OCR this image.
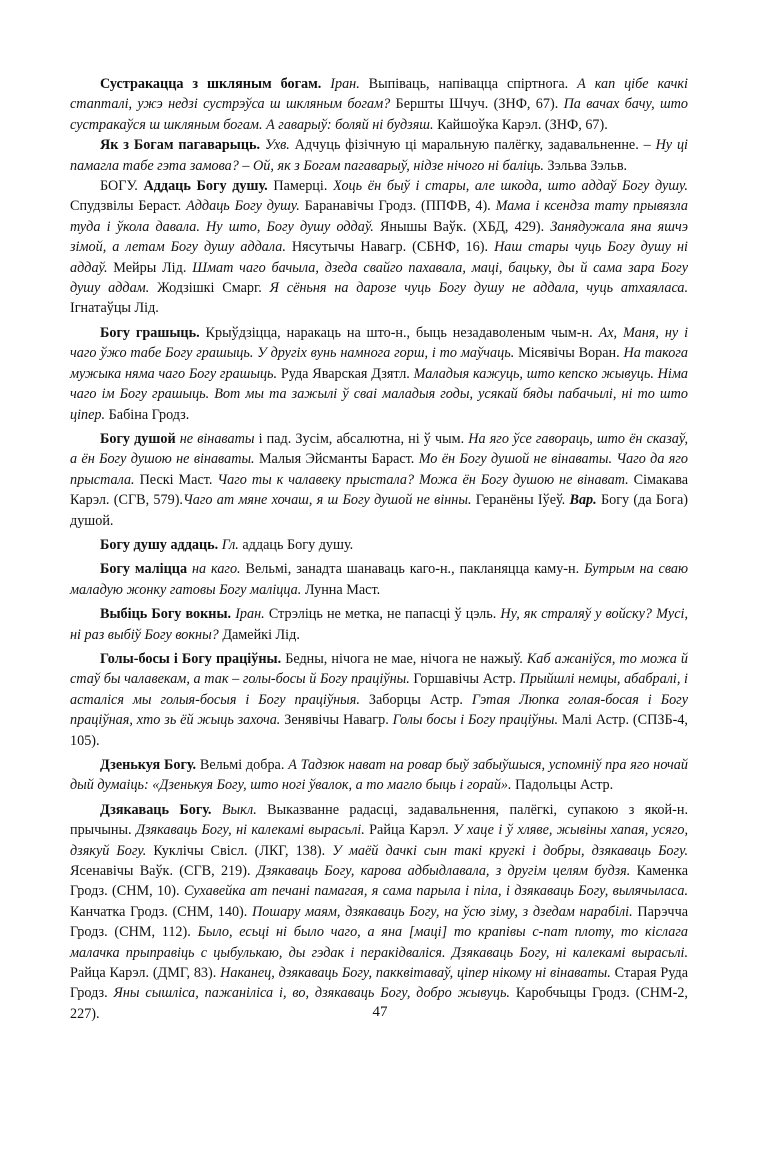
Сустракацца з шкляным богам. Іран. Выпіваць, напівацца спіртнога. А кап цібе качкі стапталі, ужэ недзі сустрэўса ш шкляным богам? Бершты Шчуч. (ЗНФ, 67). Па вачах бачу, што сустракаўся ш шкляным богам. А гаварыў: боляй ні будзяш. Кайшоўка Карэл. (ЗНФ, 67).

Як з Богам пагаварыць. Ухв. Адчуць фізічную ці маральную палёгку, задавальненне. – Ну ці памагла табе гэта замова? – Ой, як з Богам пагаварыў, нідзе нічого ні баліць. Зэльва Зэльв.

БОГУ. Аддаць Богу душу. Памерці. Хоць ён быў і стары, але шкода, што аддаў Богу душу. Спудзвілы Бераст. Аддаць Богу душу. Баранавічы Гродз. (ППФВ, 4). Мама і ксендза тату прывязла туда і ўкола давала. Ну што, Богу душу оддаў. Янышы Ваўк. (ХБД, 429). Занядужала яна яшчэ зімой, а летам Богу душу аддала. Нясутычы Навагр. (СБНФ, 16). Наш стары чуць Богу душу ні аддаў. Мейры Лід. Шмат чаго бачыла, дзеда свайго пахавала, маці, бацьку, ды й сама зара Богу душу аддам. Жодзішкі Смарг. Я сёньня на дарозе чуць Богу душу не аддала, чуць атхаяласа. Ігнатаўцы Лід.

Богу грашыць. Крыўдзіцца, наракаць на што-н., быць незадаволеным чым-н. Ах, Маня, ну і чаго ўжо табе Богу грашыць. У другіх вунь намнога горш, і то маўчаць. Місявічы Воран. На такога мужыка няма чаго Богу грашыць. Руда Яварская Дзятл. Маладыя кажуць, што кепско жывуць. Німа чаго ім Богу грашыць. Вот мы та зажылі ў сваі маладыя годы, усякай бяды пабачылі, ні то што ціпер. Бабіна Гродз.

Богу душой не вінаваты і пад. Зусім, абсалютна, ні ў чым. На яго ўсе гавораць, што ён сказаў, а ён Богу душою не вінаваты. Малыя Эйсманты Бараст. Мо ён Богу душой не вінаваты. Чаго да яго прыстала. Пескі Маст. Чаго ты к чалавеку прыстала? Можа ён Богу душою не вінават. Сімакава Карэл. (СГВ, 579).Чаго ат мяне хочаш, я ш Богу душой не вінны. Геранёны Іўеў. Вар. Богу (да Бога) душой.

Богу душу аддаць. Гл. аддаць Богу душу.

Богу маліцца на каго. Вельмі, занадта шанаваць каго-н., пакланяцца каму-н. Бутрым на сваю маладую жонку гатовы Богу маліцца. Лунна Маст.

Выбіць Богу вокны. Іран. Стрэліць не метка, не папасці ў цэль. Ну, як страляў у войску? Мусі, ні раз выбіў Богу вокны? Дамейкі Лід.

Голы-босы і Богу праціўны. Бедны, нічога не мае, нічога не нажыў. Каб ажаніўся, то можа й стаў бы чалавекам, а так – голы-босы й Богу праціўны. Горшавічы Астр. Прыйшлі немцы, абабралі, і асталіся мы голыя-босыя і Богу праціўныя. Заборцы Астр. Гэтая Люпка голая-босая і Богу праціўная, хто зь ёй жыць захоча. Зенявічы Навагр. Голы босы і Богу праціўны. Малі Астр. (СПЗБ-4, 105).

Дзенькуя Богу. Вельмі добра. А Тадзюк нават на ровар быў забыўшыся, успомніў пра яго ночай дый думаіць: «Дзенькуя Богу, што ногі ўвалок, а то магло быць і горай». Падольцы Астр.

Дзякаваць Богу. Выкл. Выказванне радасці, задавальнення, палёгкі, супакою з якой-н. прычыны. Дзякаваць Богу, ні калекамі вырасьлі. Райца Карэл. У хаце і ў хляве, жывіны хапая, усяго, дзякуй Богу. Куклічы Свісл. (ЛКГ, 138). У маёй дачкі сын такі кругкі і добры, дзякаваць Богу. Ясенавічы Ваўк. (СГВ, 219). Дзякаваць Богу, карова адбыдлавала, з другім целям будзя. Каменка Гродз. (СНМ, 10). Сухавейка ат печані памагая, я сама парыла і піла, і дзякаваць Богу, вылячылаcа. Канчатка Гродз. (СНМ, 140). Пошару маям, дзякаваць Богу, на ўсю зіму, з дзедам нарабілі. Парэчча Гродз. (СНМ, 112). Было, есьці ні было чаго, а яна [маці] то крапівы с-пат плоту, то кіслага малачка прыправіць с цыбулькаю, ды гэдак і перакідваліся. Дзякаваць Богу, ні калекамі вырасьлі. Райца Карэл. (ДМГ, 83). Наканец, дзякаваць Богу, пакквітаваў, ціпер нікому ні вінаваты. Старая Руда Гродз. Яны сышліса, пажаніліса і, во, дзякаваць Богу, добро жывуць. Каробчыцы Гродз. (СНМ-2, 227).	47
